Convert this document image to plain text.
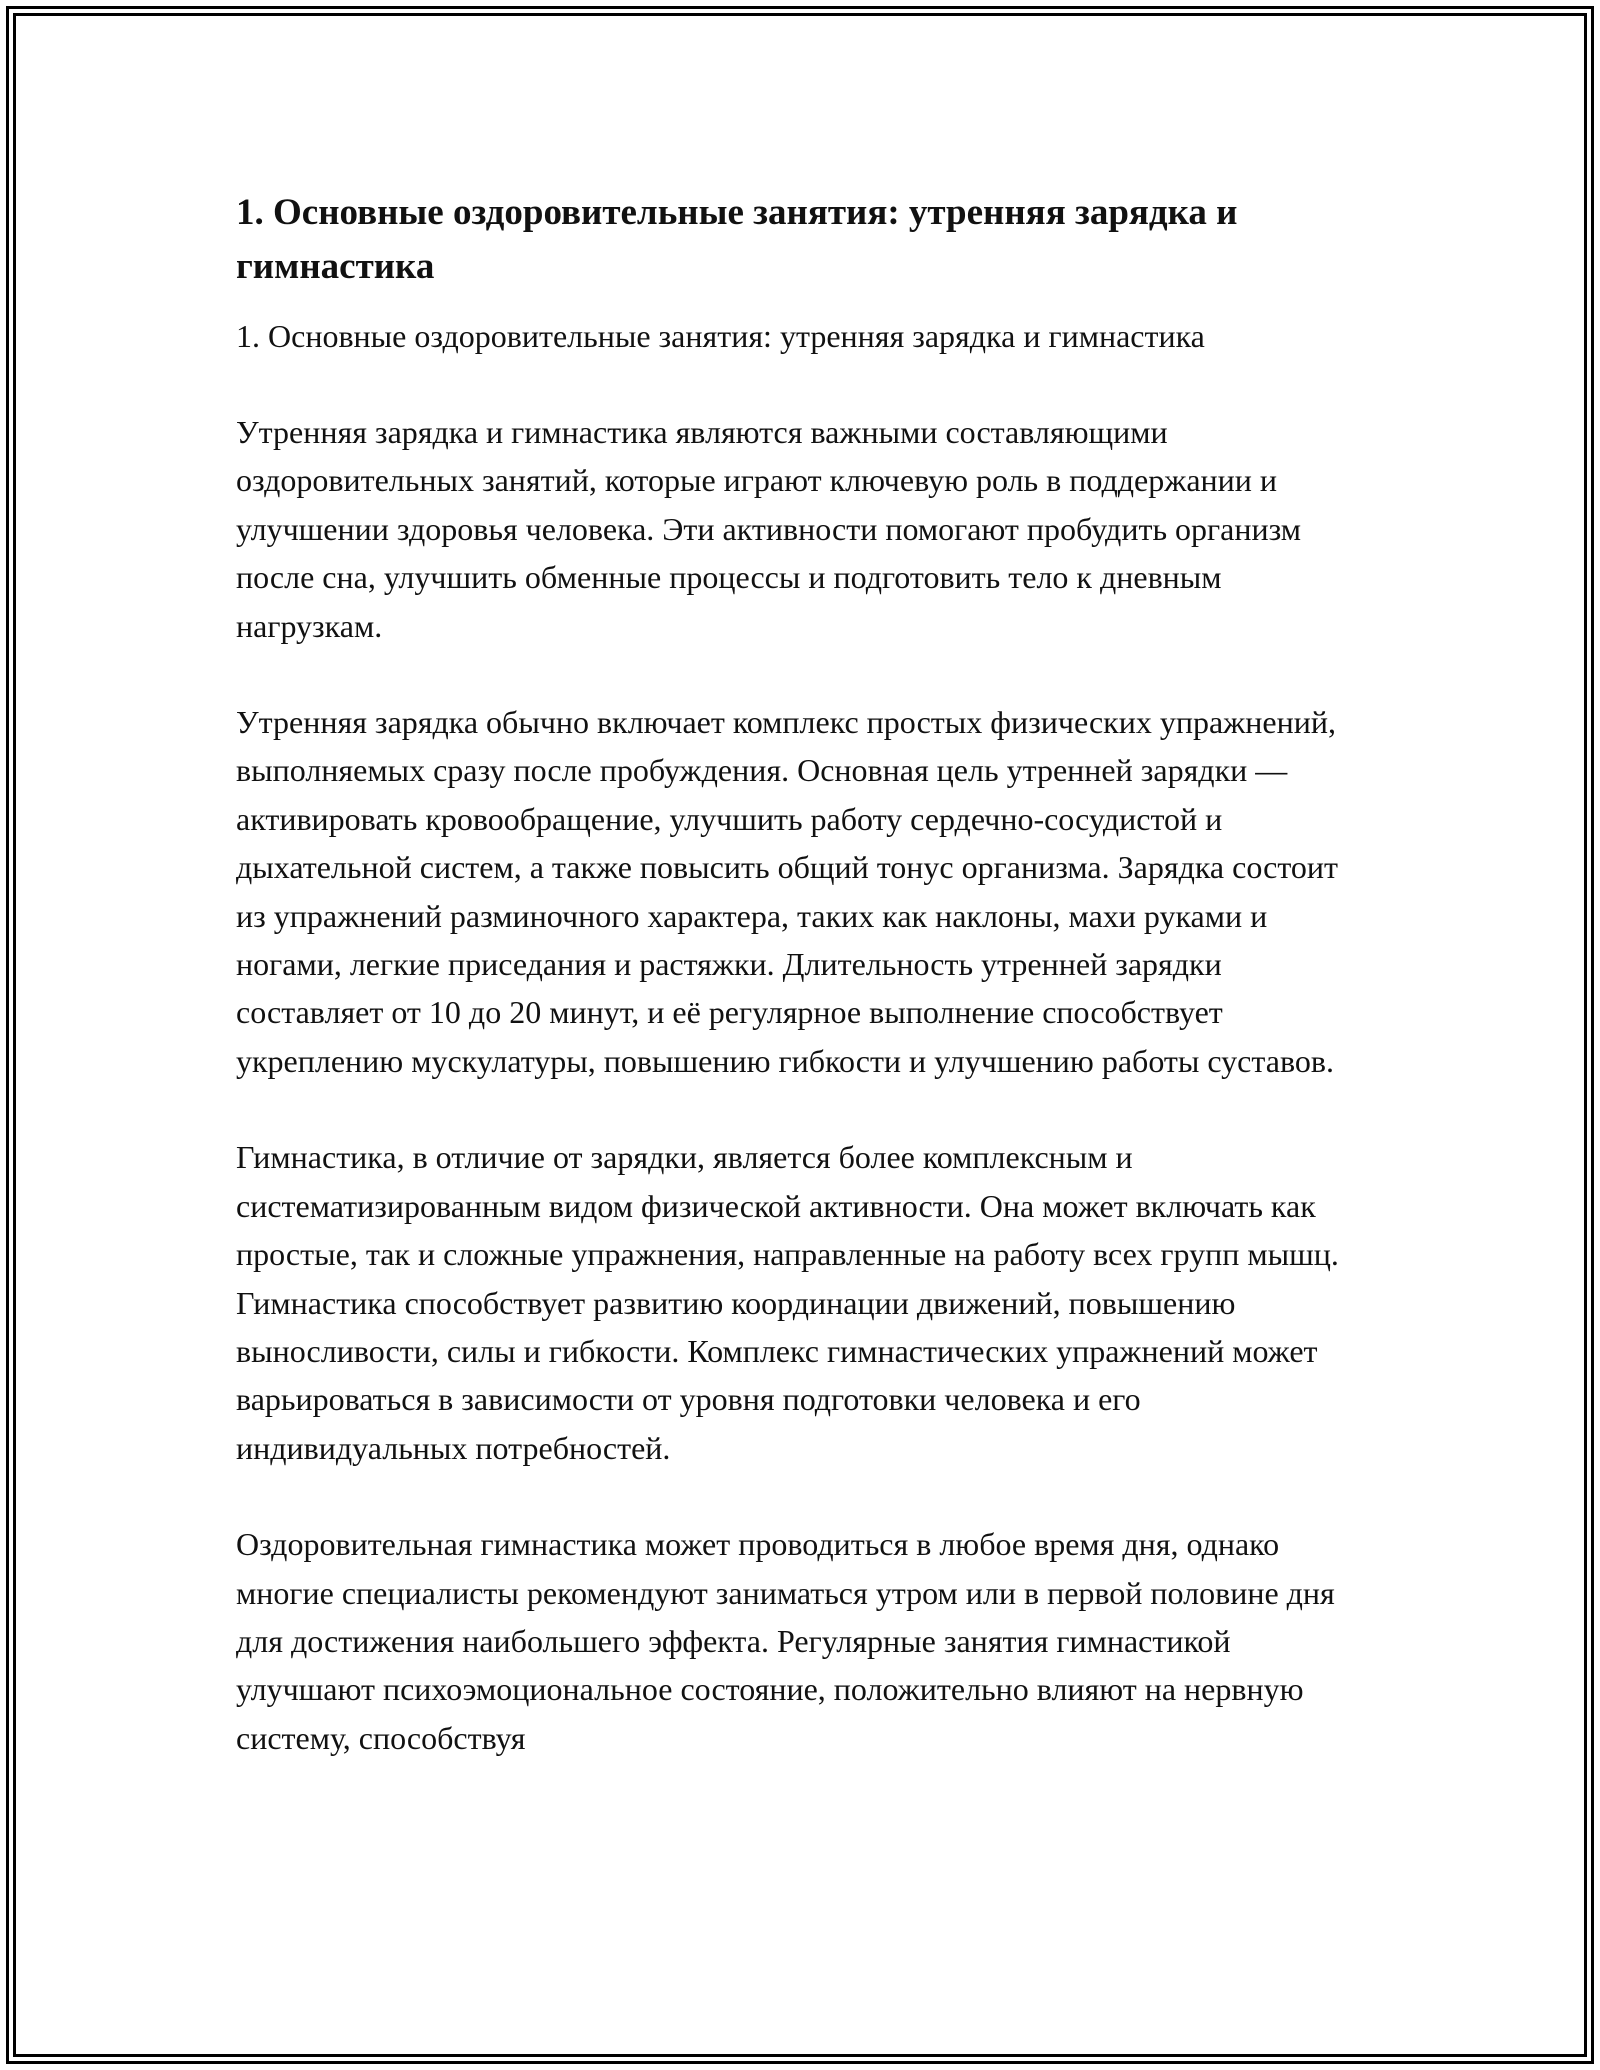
1. Основные оздоровительные занятия: утренняя зарядка и гимнастика

1. Основные оздоровительные занятия: утренняя зарядка и гимнастика

Утренняя зарядка и гимнастика являются важными составляющими оздоровительных занятий, которые играют ключевую роль в поддержании и улучшении здоровья человека. Эти активности помогают пробудить организм после сна, улучшить обменные процессы и подготовить тело к дневным нагрузкам.

Утренняя зарядка обычно включает комплекс простых физических упражнений, выполняемых сразу после пробуждения. Основная цель утренней зарядки — активировать кровообращение, улучшить работу сердечно-сосудистой и дыхательной систем, а также повысить общий тонус организма. Зарядка состоит из упражнений разминочного характера, таких как наклоны, махи руками и ногами, легкие приседания и растяжки. Длительность утренней зарядки составляет от 10 до 20 минут, и её регулярное выполнение способствует укреплению мускулатуры, повышению гибкости и улучшению работы суставов.

Гимнастика, в отличие от зарядки, является более комплексным и систематизированным видом физической активности. Она может включать как простые, так и сложные упражнения, направленные на работу всех групп мышц. Гимнастика способствует развитию координации движений, повышению выносливости, силы и гибкости. Комплекс гимнастических упражнений может варьироваться в зависимости от уровня подготовки человека и его индивидуальных потребностей.

Оздоровительная гимнастика может проводиться в любое время дня, однако многие специалисты рекомендуют заниматься утром или в первой половине дня для достижения наибольшего эффекта. Регулярные занятия гимнастикой улучшают психоэмоциональное состояние, положительно влияют на нервную систему, способствуя
